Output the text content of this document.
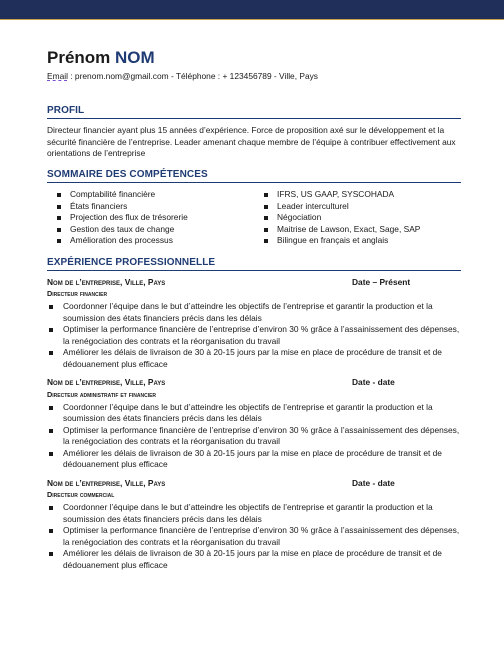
Prénom NOM
Email : prenom.nom@gmail.com - Téléphone : + 123456789 - Ville, Pays
PROFIL
Directeur financier ayant plus 15 années d’expérience. Force de proposition axé sur le développement et la sécurité financière de l’entreprise. Leader amenant chaque membre de l’équipe à contribuer effectivement aux orientations de l’entreprise
SOMMAIRE DES COMPÉTENCES
Comptabilité financière
États financiers
Projection des flux de trésorerie
Gestion des taux de change
Amélioration des processus
IFRS, US GAAP, SYSCOHADA
Leader interculturel
Négociation
Maitrise de Lawson, Exact, Sage, SAP
Bilingue en français et anglais
EXPÉRIENCE PROFESSIONNELLE
Nom de l’entreprise, Ville, Pays	Date – Présent
Directeur financier
Coordonner l’équipe dans le but d’atteindre les objectifs de l’entreprise et garantir la production et la soumission des états financiers précis dans les délais
Optimiser la performance financière de l’entreprise d’environ 30 % grâce à l’assainissement des dépenses, la renégociation des contrats et la réorganisation du travail
Améliorer les délais de livraison de 30 à 20-15 jours par la mise en place de procédure de transit et de dédouanement plus efficace
Nom de l’entreprise, Ville, Pays	Date - date
Directeur administratif et financier
Coordonner l’équipe dans le but d’atteindre les objectifs de l’entreprise et garantir la production et la soumission des états financiers précis dans les délais
Optimiser la performance financière de l’entreprise d’environ 30 % grâce à l’assainissement des dépenses, la renégociation des contrats et la réorganisation du travail
Améliorer les délais de livraison de 30 à 20-15 jours par la mise en place de procédure de transit et de dédouanement plus efficace
Nom de l’entreprise, Ville, Pays	Date - date
Directeur commercial
Coordonner l’équipe dans le but d’atteindre les objectifs de l’entreprise et garantir la production et la soumission des états financiers précis dans les délais
Optimiser la performance financière de l’entreprise d’environ 30 % grâce à l’assainissement des dépenses, la renégociation des contrats et la réorganisation du travail
Améliorer les délais de livraison de 30 à 20-15 jours par la mise en place de procédure de transit et de dédouanement plus efficace
